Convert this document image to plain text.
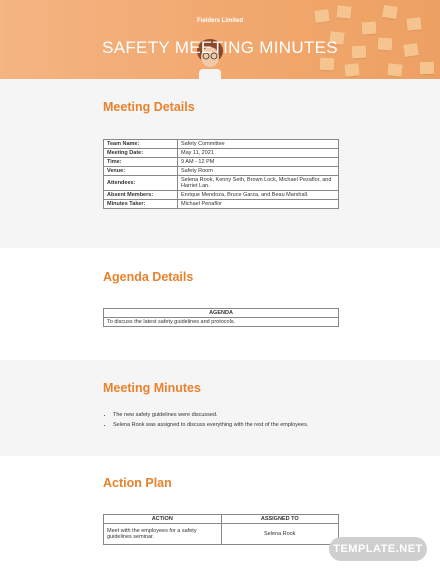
Fielders Limited
SAFETY MEETING MINUTES
Meeting Details
Team Name:	Safety Committee
Meeting Date:	May 11, 2021
Time:	9 AM - 12 PM
Venue:	Safety Room
Attendees:	Selena Rook, Kenny Seth, Brown Lock, Michael Pezaflor, and Harriet Lan.
Absent Members:	Enrique Mendoza, Bruce Garza, and Beau Marshall.
Minutes Taker:	Michael Penaflor
Agenda Details
AGENDA
To discuss the latest safety guidelines and protocols.
Meeting Minutes
• The new safety guidelines were discussed.
• Selena Rook was assigned to discuss everything with the rest of the employees.
Action Plan
ACTION	ASSIGNED TO
Meet with the employees for a safety guidelines seminar.	Selena Rook
TEMPLATE.NET
